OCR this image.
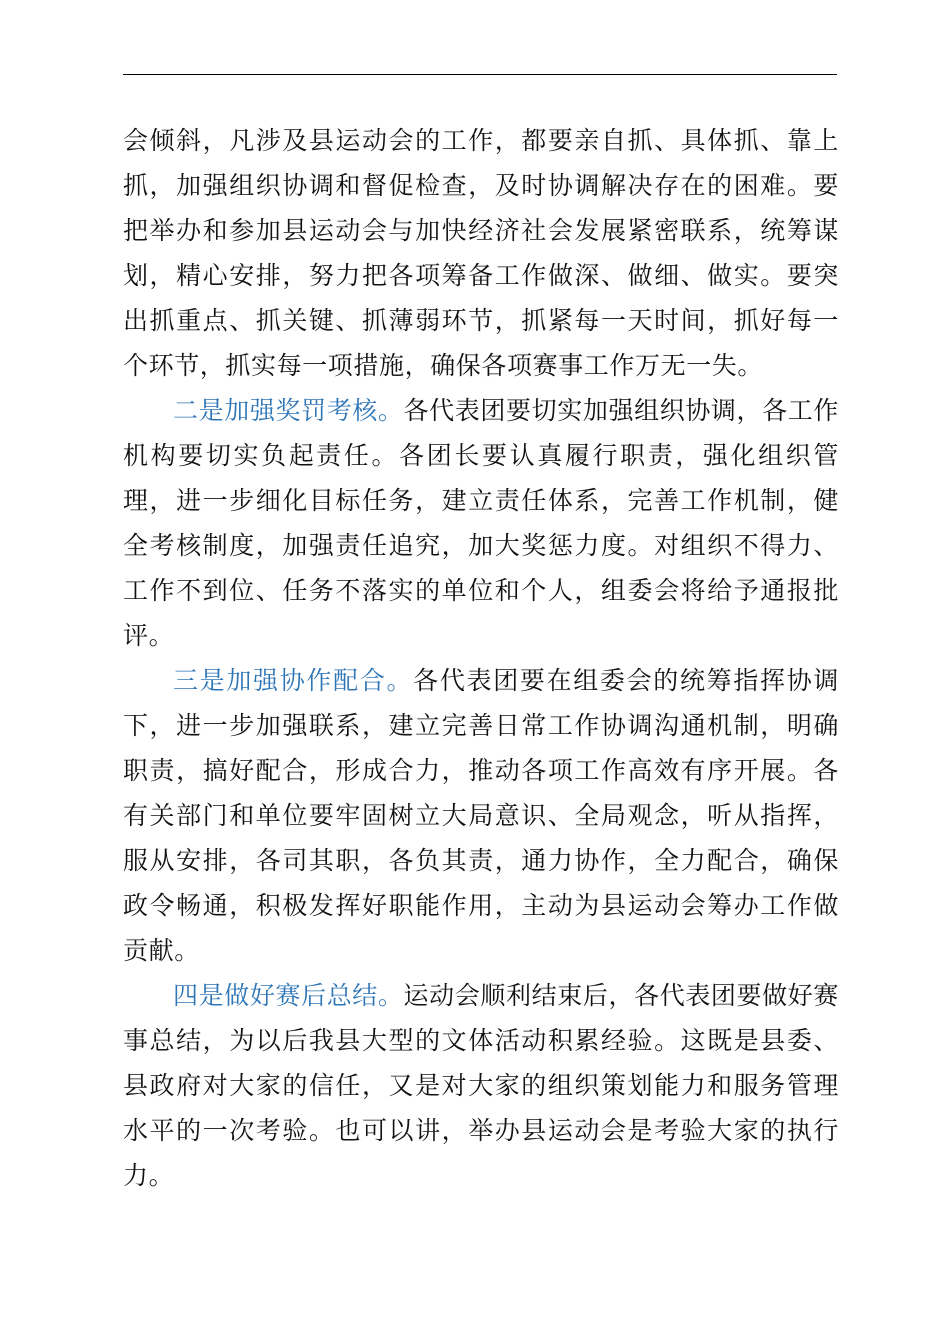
会倾斜，凡涉及县运动会的工作，都要亲自抓、具体抓、靠上抓，加强组织协调和督促检查，及时协调解决存在的困难。要把举办和参加县运动会与加快经济社会发展紧密联系，统筹谋划，精心安排，努力把各项筹备工作做深、做细、做实。要突出抓重点、抓关键、抓薄弱环节，抓紧每一天时间，抓好每一个环节，抓实每一项措施，确保各项赛事工作万无一失。

二是加强奖罚考核。各代表团要切实加强组织协调，各工作机构要切实负起责任。各团长要认真履行职责，强化组织管理，进一步细化目标任务，建立责任体系，完善工作机制，健全考核制度，加强责任追究，加大奖惩力度。对组织不得力、工作不到位、任务不落实的单位和个人，组委会将给予通报批评。

三是加强协作配合。各代表团要在组委会的统筹指挥协调下，进一步加强联系，建立完善日常工作协调沟通机制，明确职责，搞好配合，形成合力，推动各项工作高效有序开展。各有关部门和单位要牢固树立大局意识、全局观念，听从指挥，服从安排，各司其职，各负其责，通力协作，全力配合，确保政令畅通，积极发挥好职能作用，主动为县运动会筹办工作做贡献。

四是做好赛后总结。运动会顺利结束后，各代表团要做好赛事总结，为以后我县大型的文体活动积累经验。这既是县委、县政府对大家的信任，又是对大家的组织策划能力和服务管理水平的一次考验。也可以讲，举办县运动会是考验大家的执行力。
